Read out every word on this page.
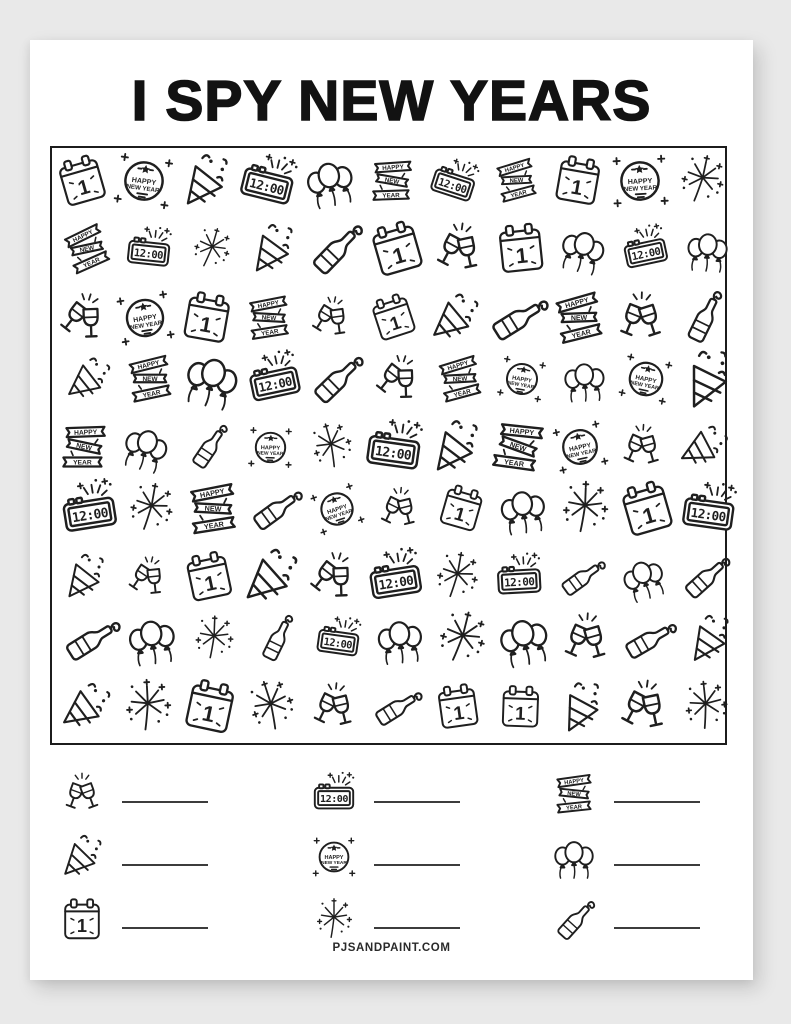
I SPY NEW YEARS
PJSANDPAINT.COM
